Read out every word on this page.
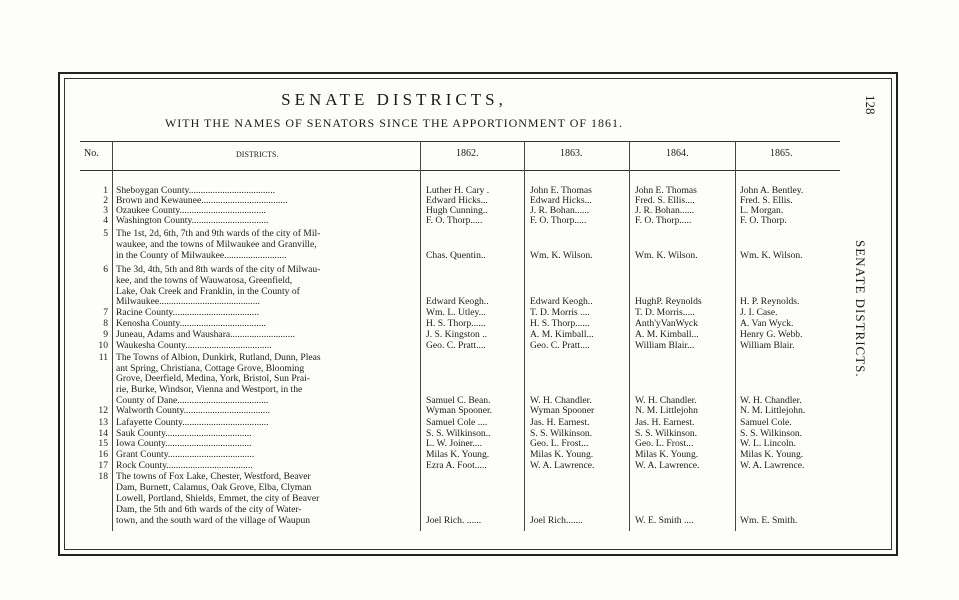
SENATE DISTRICTS,
WITH THE NAMES OF SENATORS SINCE THE APPORTIONMENT OF 1861.
128
SENATE DISTRICTS.
No.	DISTRICTS.	1862.	1863.	1864.	1865.
1 Sheboygan County....................................	Luther H. Cary .	John E. Thomas	John E. Thomas	John A. Bentley.
2 Brown and Kewaunee....................................	Edward Hicks...	Edward Hicks...	Fred. S. Ellis....	Fred. S. Ellis.
3 Ozaukee County....................................	Hugh Cunning..	J. R. Bohan......	J. R. Bohan......	L. Morgan.
4 Washington County................................	F. O. Thorp.....	F. O. Thorp.....	F. O. Thorp.....	F. O. Thorp.
5 The 1st, 2d, 6th, 7th and 9th wards of the city of Mil-
waukee, and the towns of Milwaukee and Granville,
in the County of Milwaukee..........................	Chas. Quentin..	Wm. K. Wilson.	Wm. K. Wilson.	Wm. K. Wilson.
6 The 3d, 4th, 5th and 8th wards of the city of Milwau-
kee, and the towns of Wauwatosa, Greenfield,
Lake, Oak Creek and Franklin, in the County of
Milwaukee..........................................	Edward Keogh..	Edward Keogh..	HughP. Reynolds	H. P. Reynolds.
7 Racine County....................................	Wm. L. Utley...	T. D. Morris ....	T. D. Morris.....	J. I. Case.
8 Kenosha County....................................	H. S. Thorp......	H. S. Thorp......	Anth'yVanWyck	A. Van Wyck.
9 Juneau, Adams and Waushara...........................	J. S. Kingston ..	A. M. Kimball...	A. M. Kimball...	Henry G. Webb.
10 Waukesha County....................................	Geo. C. Pratt....	Geo. C. Pratt....	William Blair...	William Blair.
11 The Towns of Albion, Dunkirk, Rutland, Dunn, Pleas
ant Spring, Christiana, Cottage Grove, Blooming
Grove, Deerfield, Medina, York, Bristol, Sun Prai-
rie, Burke, Windsor, Vienna and Westport, in the
County of Dane......................................	Samuel C. Bean.	W. H. Chandler.	W. H. Chandler.	W. H. Chandler.
12 Walworth County....................................	Wyman Spooner.	Wyman Spooner	N. M. Littlejohn	N. M. Littlejohn.
13 Lafayette County....................................	Samuel Cole ....	Jas. H. Earnest.	Jas. H. Earnest.	Samuel Cole.
14 Sauk County....................................	S. S. Wilkinson..	S. S. Wilkinson.	S. S. Wilkinson.	S. S. Wilkinson.
15 Iowa County....................................	L. W. Joiner....	Geo. L. Frost...	Geo. L. Frost...	W. L. Lincoln.
16 Grant County....................................	Milas K. Young.	Milas K. Young.	Milas K. Young.	Milas K. Young.
17 Rock County....................................	Ezra A. Foot.....	W. A. Lawrence.	W. A. Lawrence.	W. A. Lawrence.
18 The towns of Fox Lake, Chester, Westford, Beaver
Dam, Burnett, Calamus, Oak Grove, Elba, Clyman
Lowell, Portland, Shields, Emmet, the city of Beaver
Dam, the 5th and 6th wards of the city of Water-
town, and the south ward of the village of Waupun	Joel Rich. ......	Joel Rich.......	W. E. Smith ....	Wm. E. Smith.
